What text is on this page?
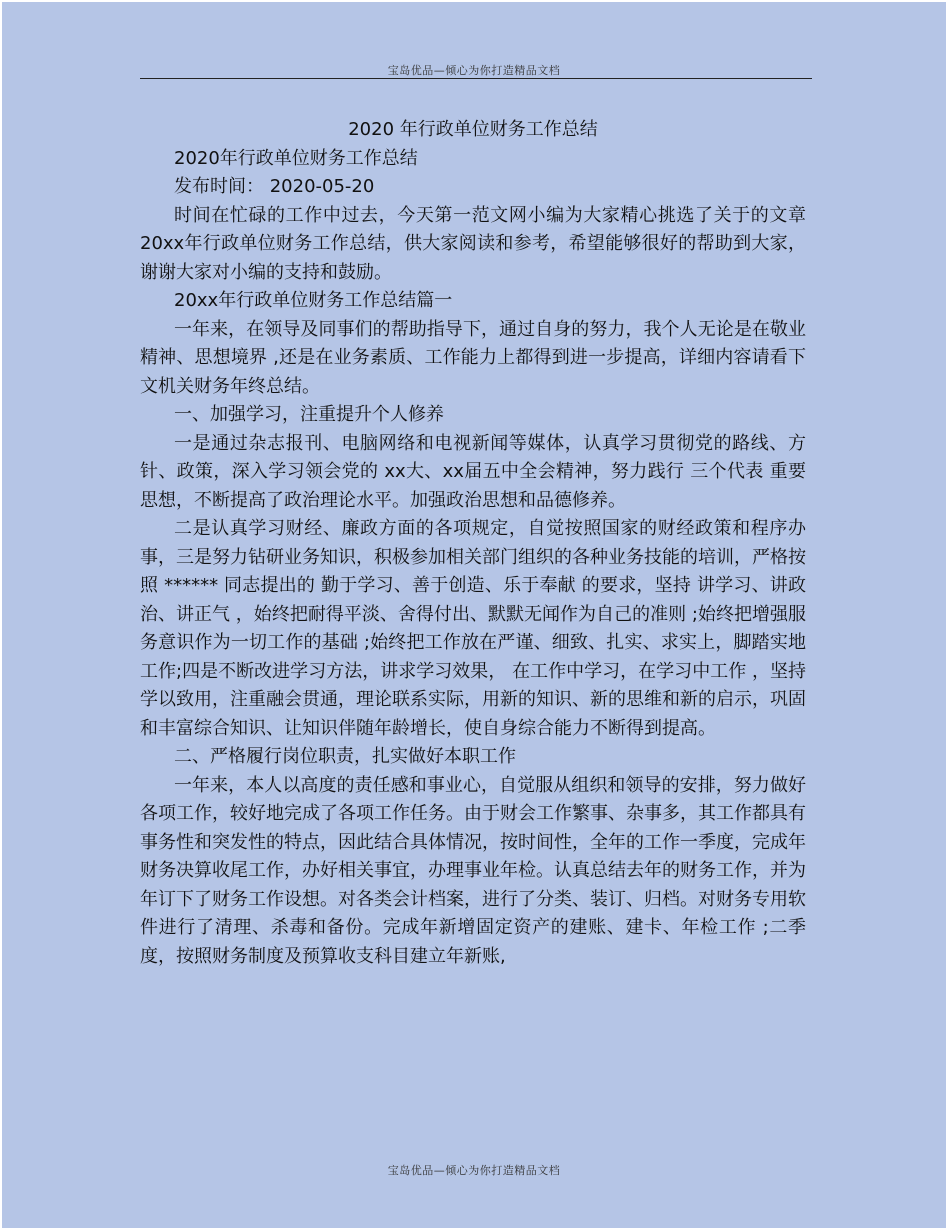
宝岛优品—倾心为你打造精品文档
2020 年行政单位财务工作总结

2020年行政单位财务工作总结

发布时间： 2020-05-20

时间在忙碌的工作中过去，今天第一范文网小编为大家精心挑选了关于的文章 20xx年行政单位财务工作总结，供大家阅读和参考，希望能够很好的帮助到大家，谢谢大家对小编的支持和鼓励。

20xx年行政单位财务工作总结篇一

一年来，在领导及同事们的帮助指导下，通过自身的努力，我个人无论是在敬业精神、思想境界 ,还是在业务素质、工作能力上都得到进一步提高，详细内容请看下文机关财务年终总结。

一、加强学习，注重提升个人修养

一是通过杂志报刊、电脑网络和电视新闻等媒体，认真学习贯彻党的路线、方针、政策，深入学习领会党的 xx大、xx届五中全会精神，努力践行 三个代表 重要思想，不断提高了政治理论水平。加强政治思想和品德修养。

二是认真学习财经、廉政方面的各项规定，自觉按照国家的财经政策和程序办事，三是努力钻研业务知识，积极参加相关部门组织的各种业务技能的培训，严格按照 ****** 同志提出的 勤于学习、善于创造、乐于奉献 的要求，坚持 讲学习、讲政治、讲正气 ，始终把耐得平淡、舍得付出、默默无闻作为自己的准则 ;始终把增强服务意识作为一切工作的基础 ;始终把工作放在严谨、细致、扎实、求实上，脚踏实地工作;四是不断改进学习方法，讲求学习效果， 在工作中学习，在学习中工作 ，坚持学以致用，注重融会贯通，理论联系实际，用新的知识、新的思维和新的启示，巩固和丰富综合知识、让知识伴随年龄增长，使自身综合能力不断得到提高。

二、严格履行岗位职责，扎实做好本职工作

一年来，本人以高度的责任感和事业心，自觉服从组织和领导的安排，努力做好各项工作，较好地完成了各项工作任务。由于财会工作繁事、杂事多，其工作都具有事务性和突发性的特点，因此结合具体情况，按时间性，全年的工作一季度，完成年财务决算收尾工作，办好相关事宜，办理事业年检。认真总结去年的财务工作，并为年订下了财务工作设想。对各类会计档案，进行了分类、装订、归档。对财务专用软件进行了清理、杀毒和备份。完成年新增固定资产的建账、建卡、年检工作 ;二季度，按照财务制度及预算收支科目建立年新账,

宝岛优品—倾心为你打造精品文档
